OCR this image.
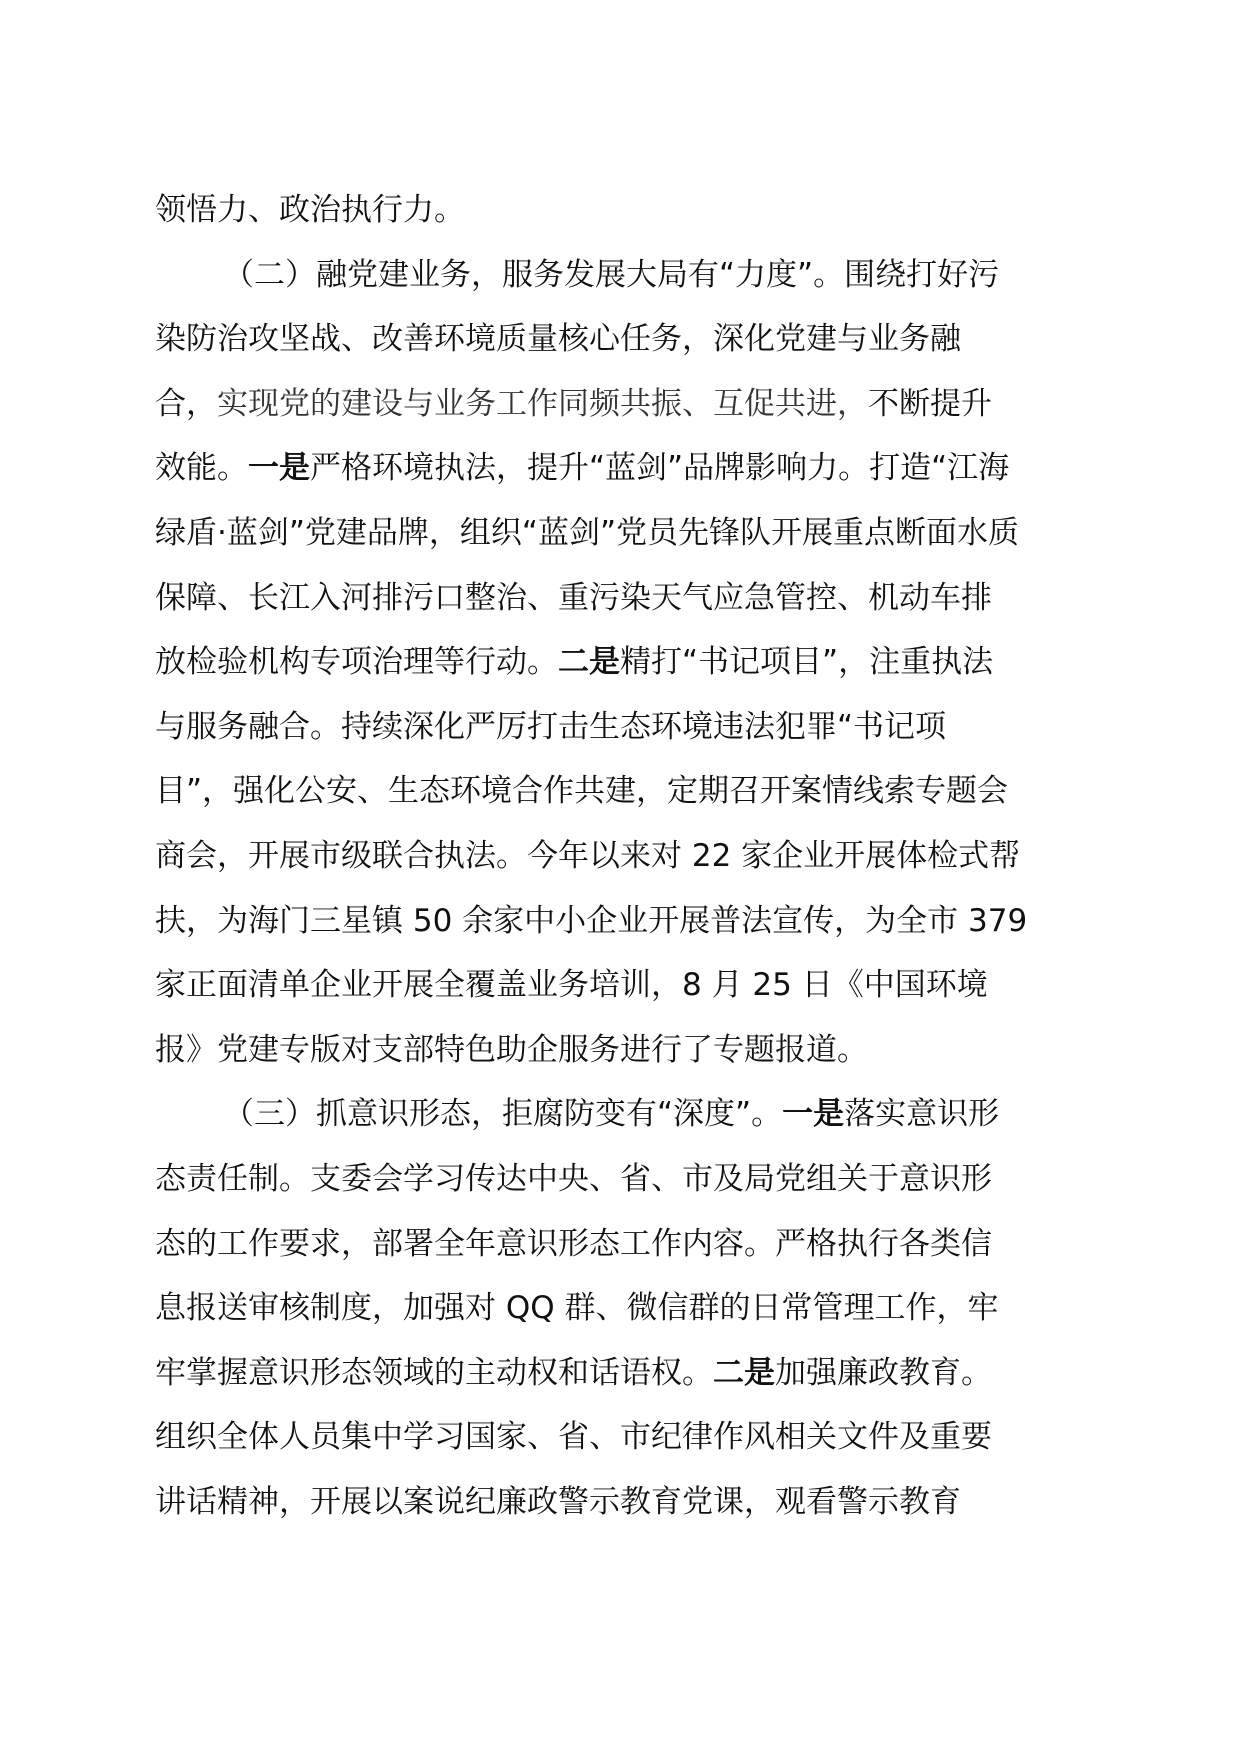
领悟力、政治执行力。
（二）融党建业务，服务发展大局有“力度”。围绕打好污
染防治攻坚战、改善环境质量核心任务，深化党建与业务融
合，实现党的建设与业务工作同频共振、互促共进，不断提升
效能。一是严格环境执法，提升“蓝剑”品牌影响力。打造“江海
绿盾·蓝剑”党建品牌，组织“蓝剑”党员先锋队开展重点断面水质
保障、长江入河排污口整治、重污染天气应急管控、机动车排
放检验机构专项治理等行动。二是精打“书记项目”，注重执法
与服务融合。持续深化严厉打击生态环境违法犯罪“书记项
目”，强化公安、生态环境合作共建，定期召开案情线索专题会
商会，开展市级联合执法。今年以来对 22 家企业开展体检式帮
扶，为海门三星镇 50 余家中小企业开展普法宣传，为全市 379
家正面清单企业开展全覆盖业务培训，8 月 25 日《中国环境
报》党建专版对支部特色助企服务进行了专题报道。
（三）抓意识形态，拒腐防变有“深度”。一是落实意识形
态责任制。支委会学习传达中央、省、市及局党组关于意识形
态的工作要求，部署全年意识形态工作内容。严格执行各类信
息报送审核制度，加强对 QQ 群、微信群的日常管理工作，牢
牢掌握意识形态领域的主动权和话语权。二是加强廉政教育。
组织全体人员集中学习国家、省、市纪律作风相关文件及重要
讲话精神，开展以案说纪廉政警示教育党课，观看警示教育
